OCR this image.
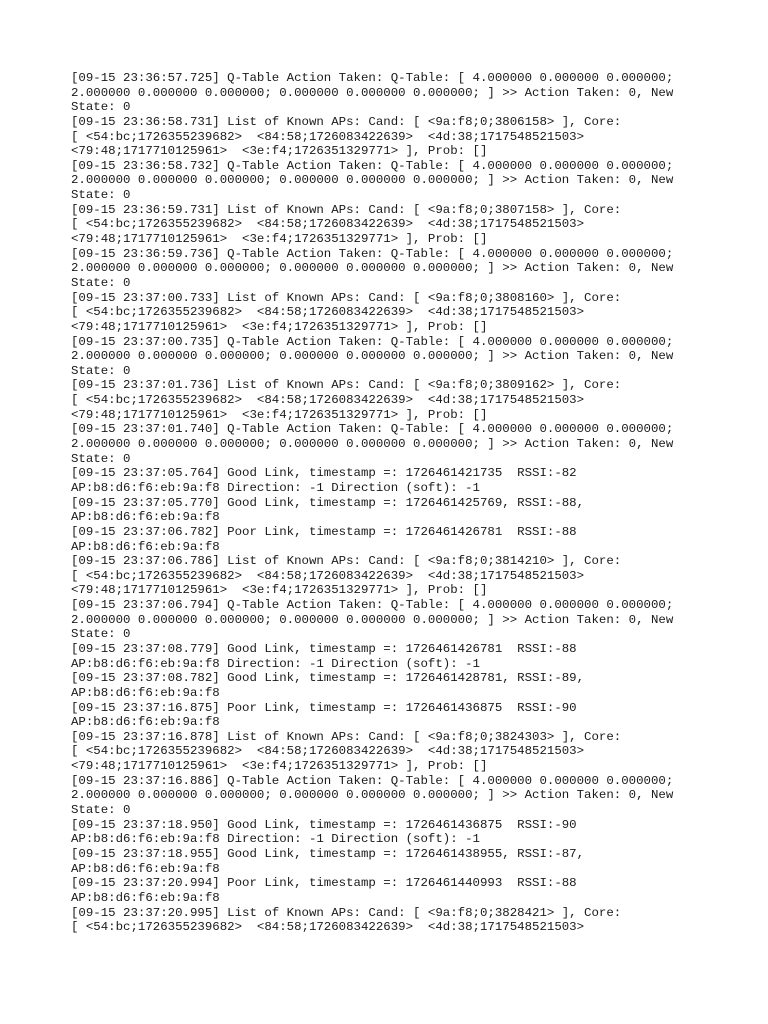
[09-15 23:36:57.725] Q-Table Action Taken: Q-Table: [ 4.000000 0.000000 0.000000;
2.000000 0.000000 0.000000; 0.000000 0.000000 0.000000; ] >> Action Taken: 0, New
State: 0
[09-15 23:36:58.731] List of Known APs: Cand: [ <9a:f8;0;3806158> ], Core:
[ <54:bc;1726355239682>  <84:58;1726083422639>  <4d:38;1717548521503>
<79:48;1717710125961>  <3e:f4;1726351329771> ], Prob: []
[09-15 23:36:58.732] Q-Table Action Taken: Q-Table: [ 4.000000 0.000000 0.000000;
2.000000 0.000000 0.000000; 0.000000 0.000000 0.000000; ] >> Action Taken: 0, New
State: 0
[09-15 23:36:59.731] List of Known APs: Cand: [ <9a:f8;0;3807158> ], Core:
[ <54:bc;1726355239682>  <84:58;1726083422639>  <4d:38;1717548521503>
<79:48;1717710125961>  <3e:f4;1726351329771> ], Prob: []
[09-15 23:36:59.736] Q-Table Action Taken: Q-Table: [ 4.000000 0.000000 0.000000;
2.000000 0.000000 0.000000; 0.000000 0.000000 0.000000; ] >> Action Taken: 0, New
State: 0
[09-15 23:37:00.733] List of Known APs: Cand: [ <9a:f8;0;3808160> ], Core:
[ <54:bc;1726355239682>  <84:58;1726083422639>  <4d:38;1717548521503>
<79:48;1717710125961>  <3e:f4;1726351329771> ], Prob: []
[09-15 23:37:00.735] Q-Table Action Taken: Q-Table: [ 4.000000 0.000000 0.000000;
2.000000 0.000000 0.000000; 0.000000 0.000000 0.000000; ] >> Action Taken: 0, New
State: 0
[09-15 23:37:01.736] List of Known APs: Cand: [ <9a:f8;0;3809162> ], Core:
[ <54:bc;1726355239682>  <84:58;1726083422639>  <4d:38;1717548521503>
<79:48;1717710125961>  <3e:f4;1726351329771> ], Prob: []
[09-15 23:37:01.740] Q-Table Action Taken: Q-Table: [ 4.000000 0.000000 0.000000;
2.000000 0.000000 0.000000; 0.000000 0.000000 0.000000; ] >> Action Taken: 0, New
State: 0
[09-15 23:37:05.764] Good Link, timestamp =: 1726461421735  RSSI:-82
AP:b8:d6:f6:eb:9a:f8 Direction: -1 Direction (soft): -1
[09-15 23:37:05.770] Good Link, timestamp =: 1726461425769, RSSI:-88,
AP:b8:d6:f6:eb:9a:f8
[09-15 23:37:06.782] Poor Link, timestamp =: 1726461426781  RSSI:-88
AP:b8:d6:f6:eb:9a:f8
[09-15 23:37:06.786] List of Known APs: Cand: [ <9a:f8;0;3814210> ], Core:
[ <54:bc;1726355239682>  <84:58;1726083422639>  <4d:38;1717548521503>
<79:48;1717710125961>  <3e:f4;1726351329771> ], Prob: []
[09-15 23:37:06.794] Q-Table Action Taken: Q-Table: [ 4.000000 0.000000 0.000000;
2.000000 0.000000 0.000000; 0.000000 0.000000 0.000000; ] >> Action Taken: 0, New
State: 0
[09-15 23:37:08.779] Good Link, timestamp =: 1726461426781  RSSI:-88
AP:b8:d6:f6:eb:9a:f8 Direction: -1 Direction (soft): -1
[09-15 23:37:08.782] Good Link, timestamp =: 1726461428781, RSSI:-89,
AP:b8:d6:f6:eb:9a:f8
[09-15 23:37:16.875] Poor Link, timestamp =: 1726461436875  RSSI:-90
AP:b8:d6:f6:eb:9a:f8
[09-15 23:37:16.878] List of Known APs: Cand: [ <9a:f8;0;3824303> ], Core:
[ <54:bc;1726355239682>  <84:58;1726083422639>  <4d:38;1717548521503>
<79:48;1717710125961>  <3e:f4;1726351329771> ], Prob: []
[09-15 23:37:16.886] Q-Table Action Taken: Q-Table: [ 4.000000 0.000000 0.000000;
2.000000 0.000000 0.000000; 0.000000 0.000000 0.000000; ] >> Action Taken: 0, New
State: 0
[09-15 23:37:18.950] Good Link, timestamp =: 1726461436875  RSSI:-90
AP:b8:d6:f6:eb:9a:f8 Direction: -1 Direction (soft): -1
[09-15 23:37:18.955] Good Link, timestamp =: 1726461438955, RSSI:-87,
AP:b8:d6:f6:eb:9a:f8
[09-15 23:37:20.994] Poor Link, timestamp =: 1726461440993  RSSI:-88
AP:b8:d6:f6:eb:9a:f8
[09-15 23:37:20.995] List of Known APs: Cand: [ <9a:f8;0;3828421> ], Core:
[ <54:bc;1726355239682>  <84:58;1726083422639>  <4d:38;1717548521503>
